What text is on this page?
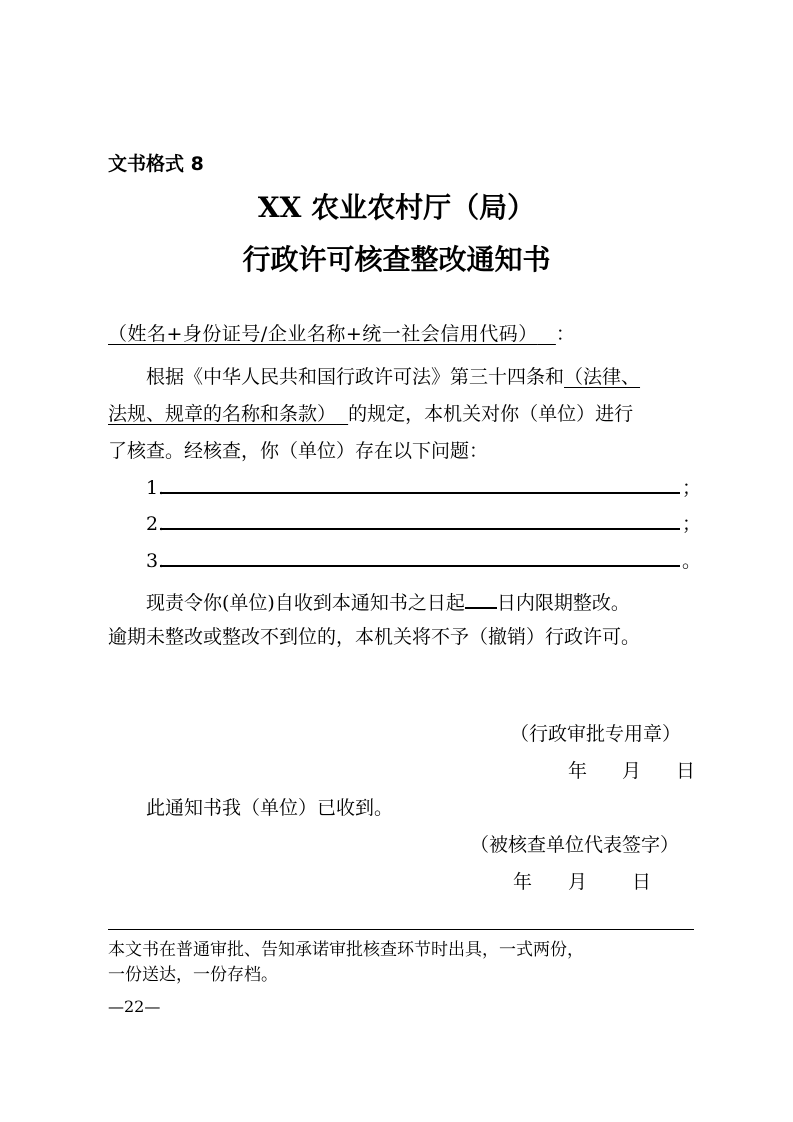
文书格式 8
XX 农业农村厅（局）
行政许可核查整改通知书
（姓名+身份证号/企业名称+统一社会信用代码） ：
根据《中华人民共和国行政许可法》第三十四条和（法律、
法规、规章的名称和条款） 的规定，本机关对你（单位）进行
了核查。经核查，你（单位）存在以下问题：
1.	；
2.	；
3.	。
现责令你(单位)自收到本通知书之日起 日内限期整改。
逾期未整改或整改不到位的，本机关将不予（撤销）行政许可。
（行政审批专用章）
年 月 日
此通知书我（单位）已收到。
（被核查单位代表签字）
年 月 日
本文书在普通审批、告知承诺审批核查环节时出具，一式两份，
一份送达，一份存档。
—22—
